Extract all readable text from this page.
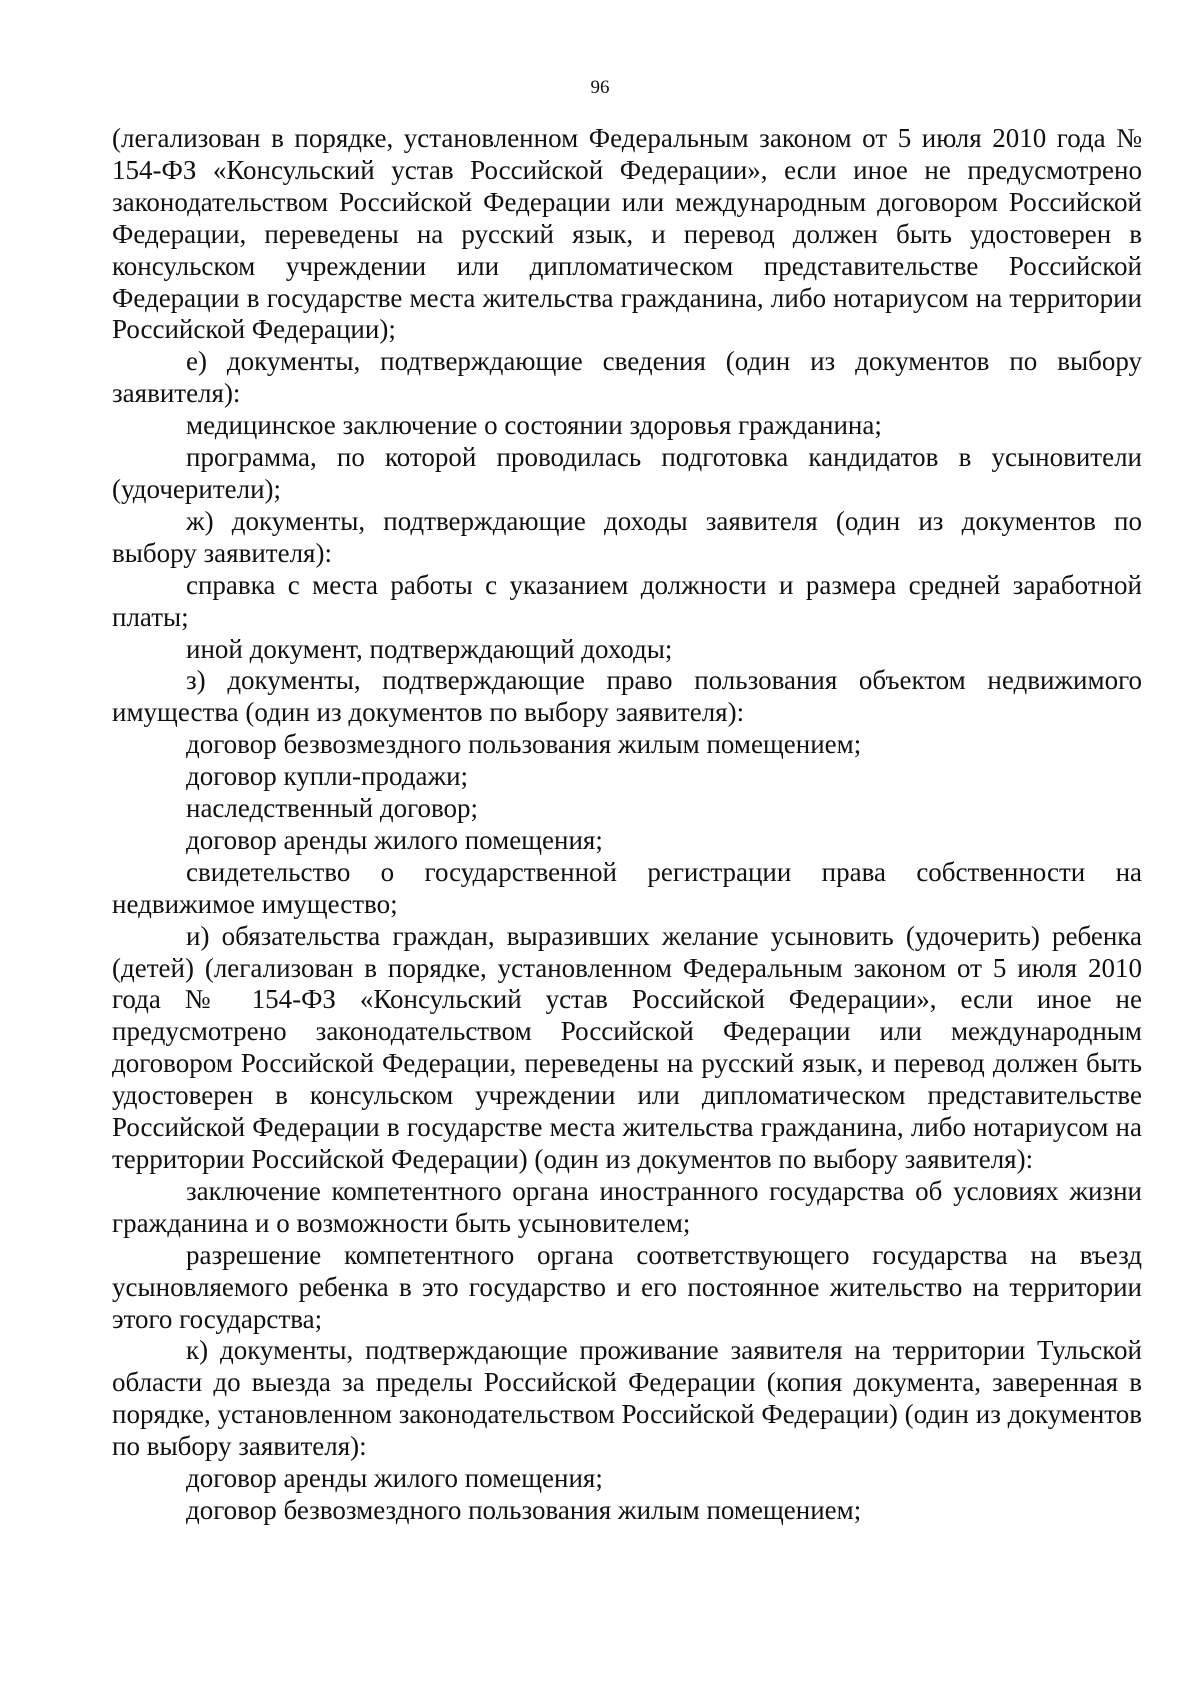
96

(легализован в порядке, установленном Федеральным законом от 5 июля 2010 года № 154-ФЗ «Консульский устав Российской Федерации», если иное не предусмотрено законодательством Российской Федерации или международным договором Российской Федерации, переведены на русский язык, и перевод должен быть удостоверен в консульском учреждении или дипломатическом представительстве Российской Федерации в государстве места жительства гражданина, либо нотариусом на территории Российской Федерации);

е) документы, подтверждающие сведения (один из документов по выбору заявителя):

медицинское заключение о состоянии здоровья гражданина;

программа, по которой проводилась подготовка кандидатов в усыновители (удочерители);

ж) документы, подтверждающие доходы заявителя (один из документов по выбору заявителя):

справка с места работы с указанием должности и размера средней заработной платы;

иной документ, подтверждающий доходы;

з) документы, подтверждающие право пользования объектом недвижимого имущества (один из документов по выбору заявителя):

договор безвозмездного пользования жилым помещением;

договор купли-продажи;

наследственный договор;

договор аренды жилого помещения;

свидетельство о государственной регистрации права собственности на недвижимое имущество;

и) обязательства граждан, выразивших желание усыновить (удочерить) ребенка (детей) (легализован в порядке, установленном Федеральным законом от 5 июля 2010 года № 154-ФЗ «Консульский устав Российской Федерации», если иное не предусмотрено законодательством Российской Федерации или международным договором Российской Федерации, переведены на русский язык, и перевод должен быть удостоверен в консульском учреждении или дипломатическом представительстве Российской Федерации в государстве места жительства гражданина, либо нотариусом на территории Российской Федерации) (один из документов по выбору заявителя):

заключение компетентного органа иностранного государства об условиях жизни гражданина и о возможности быть усыновителем;

разрешение компетентного органа соответствующего государства на въезд усыновляемого ребенка в это государство и его постоянное жительство на территории этого государства;

к) документы, подтверждающие проживание заявителя на территории Тульской области до выезда за пределы Российской Федерации (копия документа, заверенная в порядке, установленном законодательством Российской Федерации) (один из документов по выбору заявителя):

договор аренды жилого помещения;

договор безвозмездного пользования жилым помещением;
